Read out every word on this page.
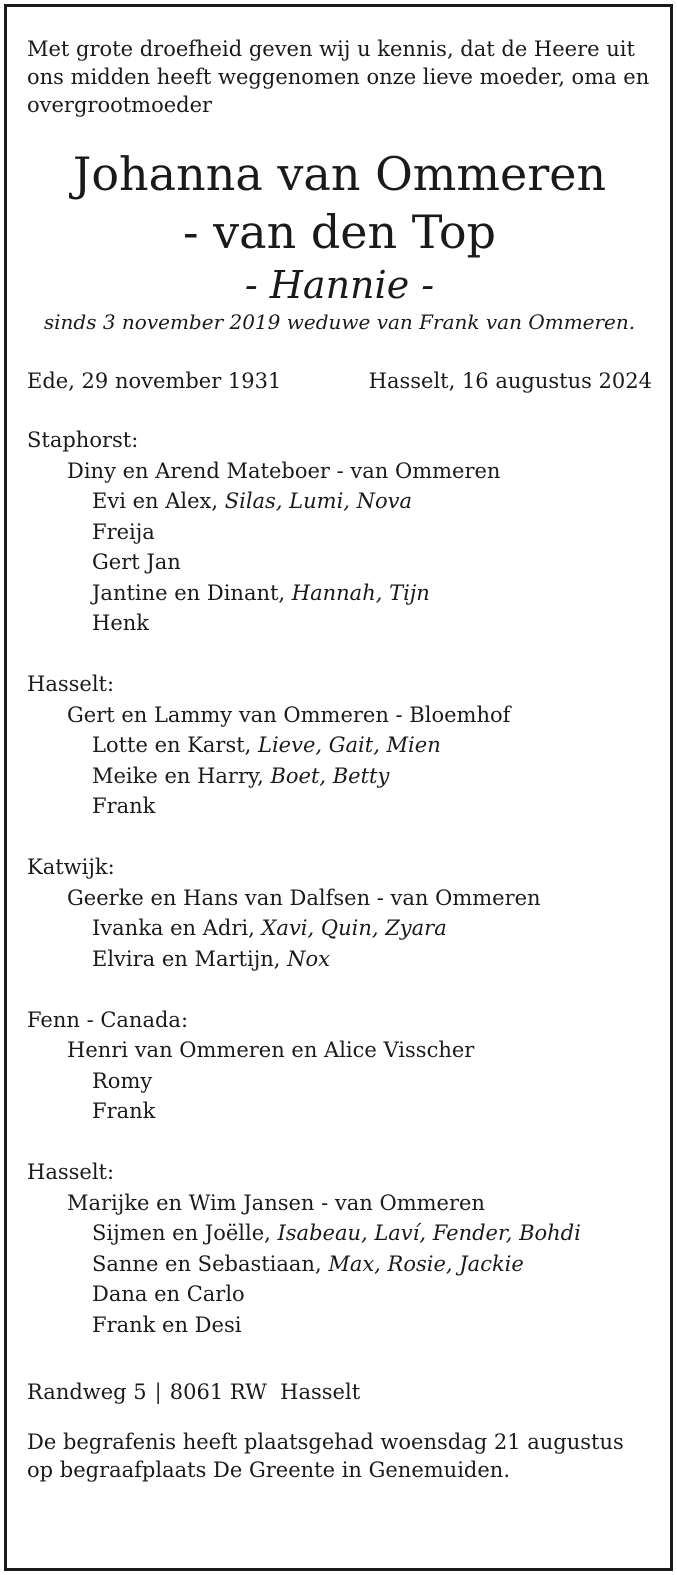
Met grote droefheid geven wij u kennis, dat de Heere uit ons midden heeft weggenomen onze lieve moeder, oma en overgrootmoeder

Johanna van Ommeren

- van den Top

- Hannie -

sinds 3 november 2019 weduwe van Frank van Ommeren.

Ede, 29 november 1931	Hasselt, 16 augustus 2024

Staphorst:

Diny en Arend Mateboer - van Ommeren

Evi en Alex, Silas, Lumi, Nova

Freija

Gert Jan

Jantine en Dinant, Hannah, Tijn

Henk

Hasselt:

Gert en Lammy van Ommeren - Bloemhof

Lotte en Karst, Lieve, Gait, Mien

Meike en Harry, Boet, Betty

Frank

Katwijk:

Geerke en Hans van Dalfsen - van Ommeren

Ivanka en Adri, Xavi, Quin, Zyara

Elvira en Martijn, Nox

Fenn - Canada:

Henri van Ommeren en Alice Visscher

Romy

Frank

Hasselt:

Marijke en Wim Jansen - van Ommeren

Sijmen en Joëlle, Isabeau, Laví, Fender, Bohdi

Sanne en Sebastiaan, Max, Rosie, Jackie

Dana en Carlo

Frank en Desi

Randweg 5 | 8061 RW Hasselt

De begrafenis heeft plaatsgehad woensdag 21 augustus op begraafplaats De Greente in Genemuiden.
